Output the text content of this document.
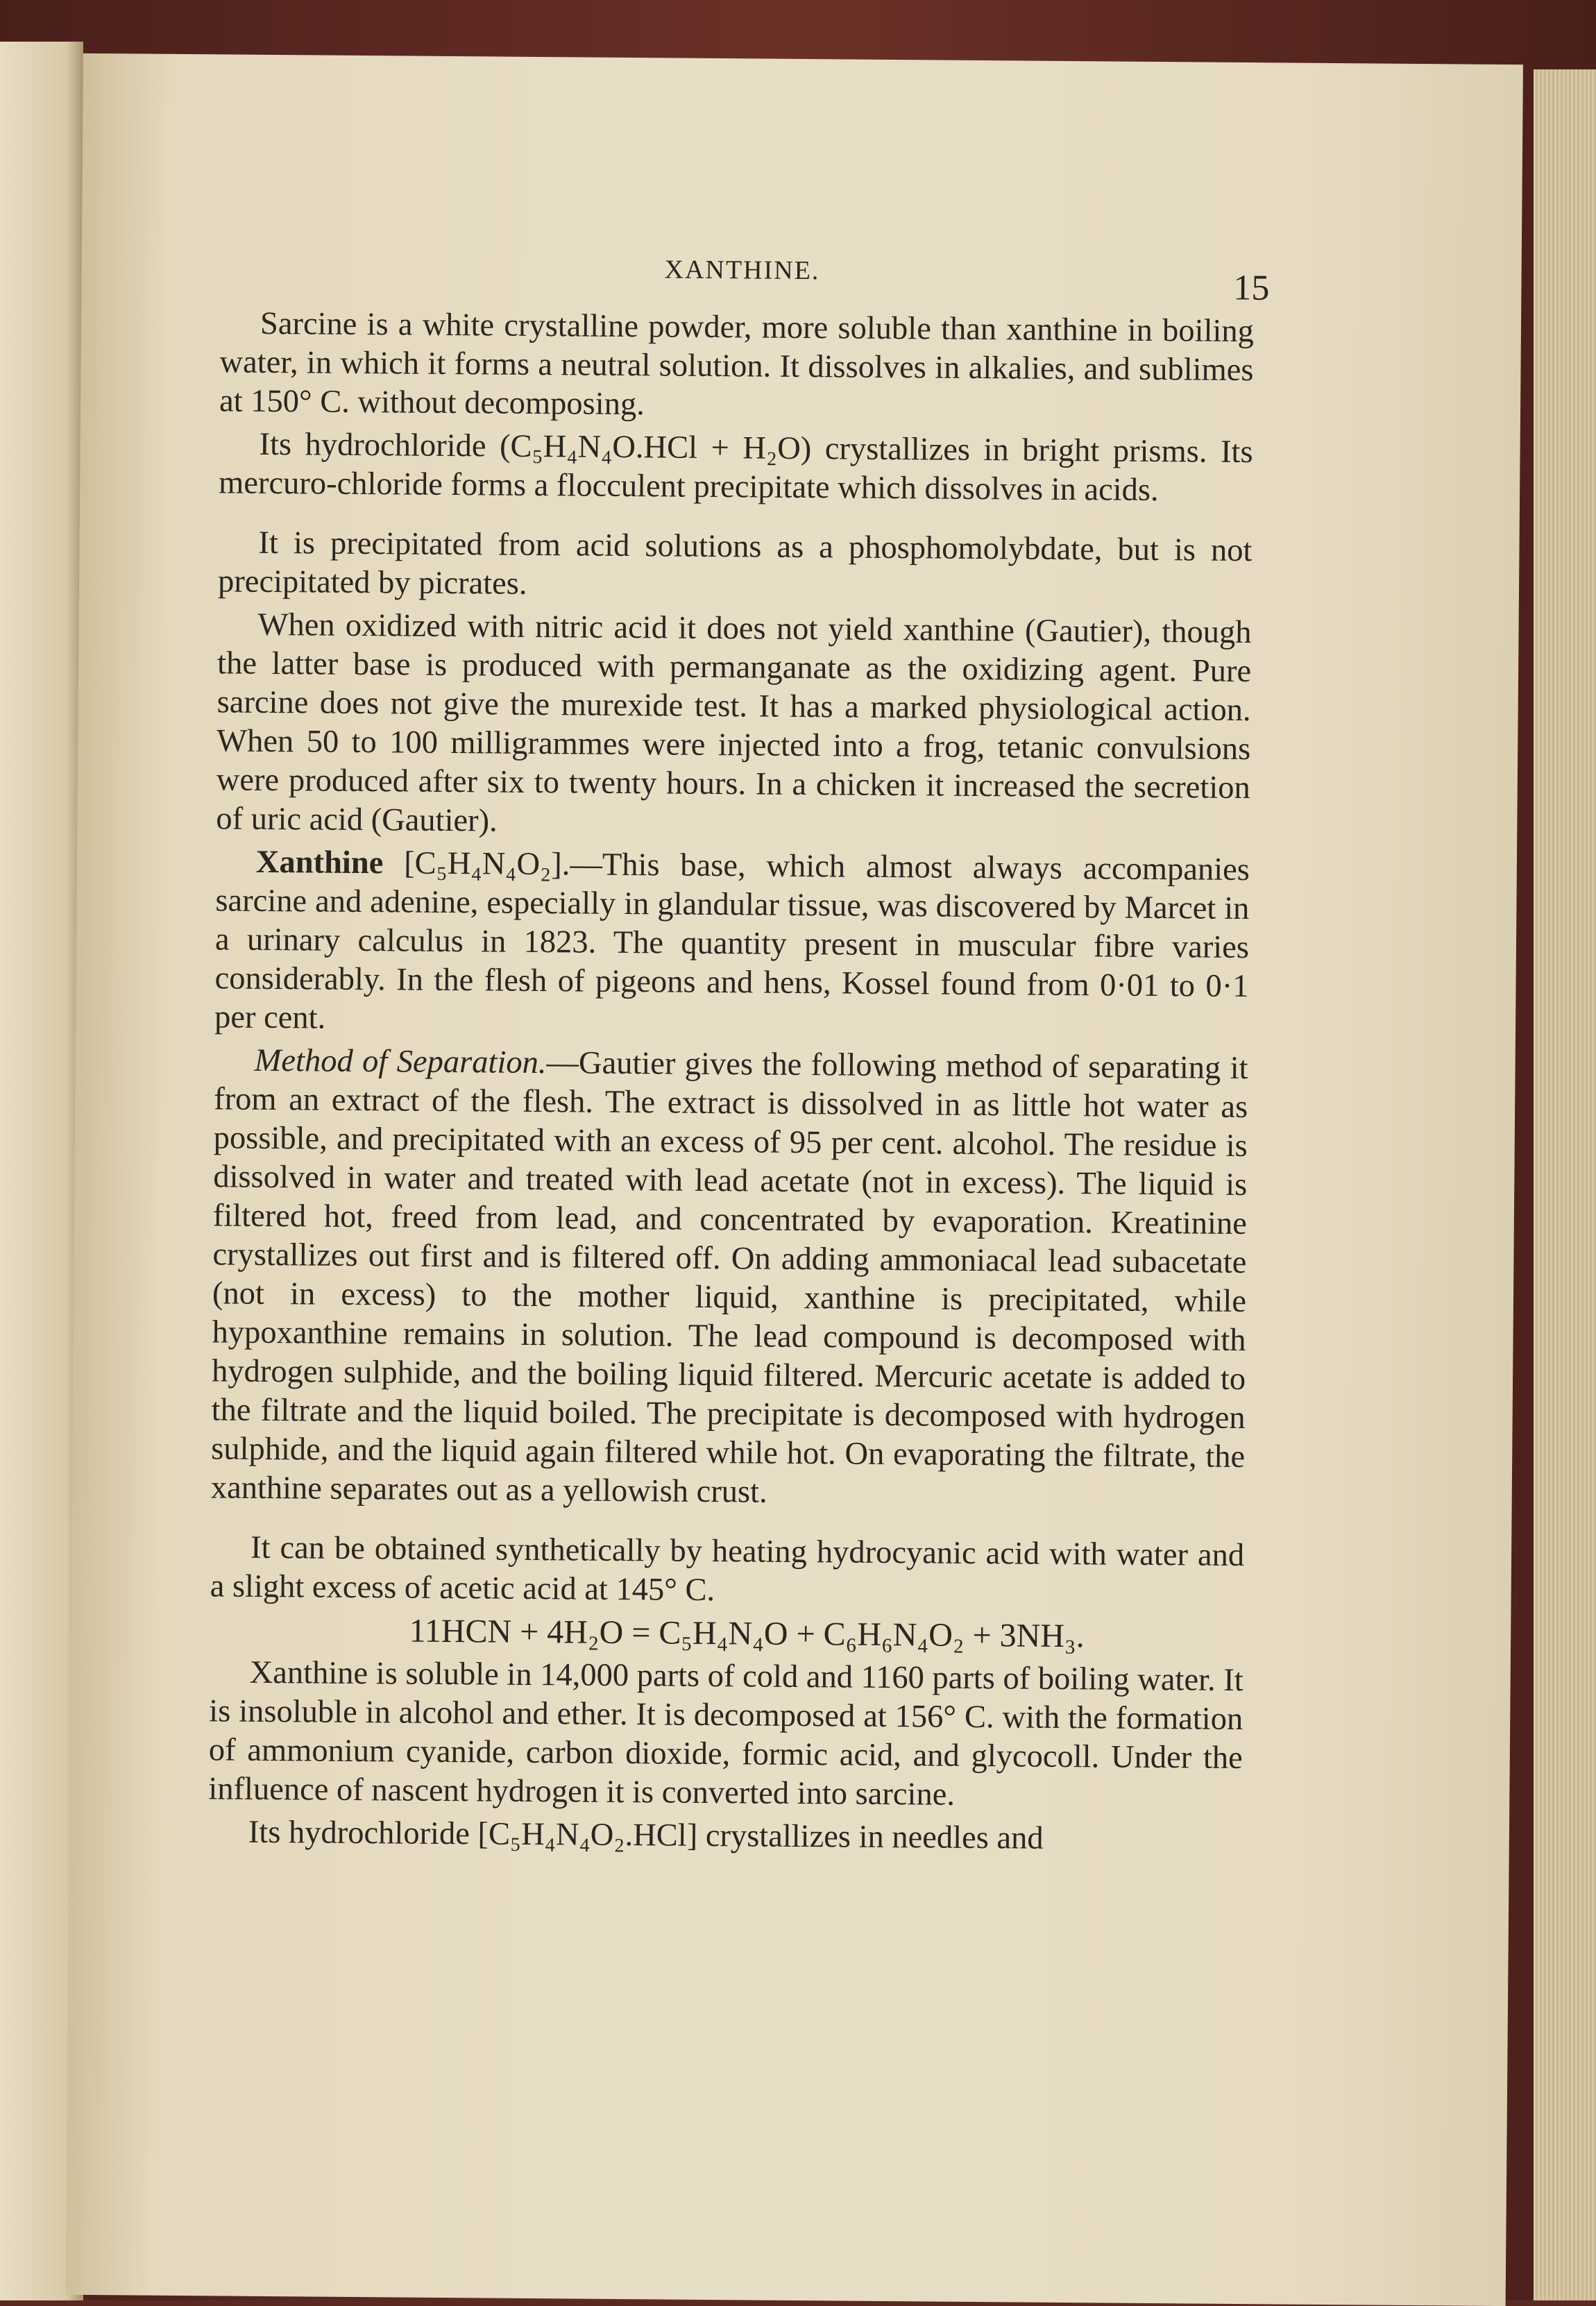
XANTHINE.	15

Sarcine is a white crystalline powder, more soluble than xanthine in boiling water, in which it forms a neutral solution. It dissolves in alkalies, and sublimes at 150° C. without decomposing.

Its hydrochloride (C₅H₄N₄O.HCl + H₂O) crystallizes in bright prisms. Its mercuro-chloride forms a flocculent precipitate which dissolves in acids.

It is precipitated from acid solutions as a phosphomolybdate, but is not precipitated by picrates.

When oxidized with nitric acid it does not yield xanthine (Gautier), though the latter base is produced with permanganate as the oxidizing agent. Pure sarcine does not give the murexide test. It has a marked physiological action. When 50 to 100 milligrammes were injected into a frog, tetanic convulsions were produced after six to twenty hours. In a chicken it increased the secretion of uric acid (Gautier).

Xanthine [C₅H₄N₄O₂].—This base, which almost always accompanies sarcine and adenine, especially in glandular tissue, was discovered by Marcet in a urinary calculus in 1823. The quantity present in muscular fibre varies considerably. In the flesh of pigeons and hens, Kossel found from 0·01 to 0·1 per cent.

Method of Separation.—Gautier gives the following method of separating it from an extract of the flesh. The extract is dissolved in as little hot water as possible, and precipitated with an excess of 95 per cent. alcohol. The residue is dissolved in water and treated with lead acetate (not in excess). The liquid is filtered hot, freed from lead, and concentrated by evaporation. Kreatinine crystallizes out first and is filtered off. On adding ammoniacal lead subacetate (not in excess) to the mother liquid, xanthine is precipitated, while hypoxanthine remains in solution. The lead compound is decomposed with hydrogen sulphide, and the boiling liquid filtered. Mercuric acetate is added to the filtrate and the liquid boiled. The precipitate is decomposed with hydrogen sulphide, and the liquid again filtered while hot. On evaporating the filtrate, the xanthine separates out as a yellowish crust.

It can be obtained synthetically by heating hydrocyanic acid with water and a slight excess of acetic acid at 145° C.

11HCN + 4H₂O = C₅H₄N₄O + C₆H₆N₄O₂ + 3NH₃.

Xanthine is soluble in 14,000 parts of cold and 1160 parts of boiling water. It is insoluble in alcohol and ether. It is decomposed at 156° C. with the formation of ammonium cyanide, carbon dioxide, formic acid, and glycocoll. Under the influence of nascent hydrogen it is converted into sarcine.

Its hydrochloride [C₅H₄N₄O₂.HCl] crystallizes in needles and
